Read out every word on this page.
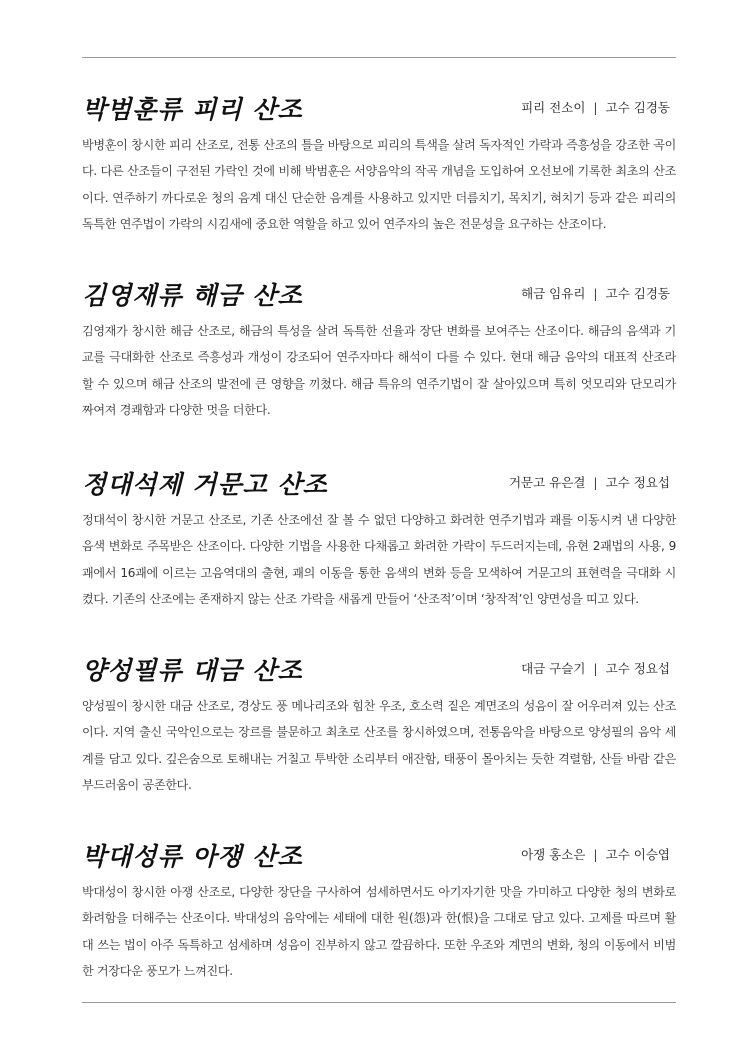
박범훈류 피리 산조	피리 전소이 | 고수 김경동

박병훈이 창시한 피리 산조로, 전통 산조의 틀을 바탕으로 피리의 특색을 살려 독자적인 가락과 즉흥성을 강조한 곡이다. 다른 산조들이 구전된 가락인 것에 비해 박범훈은 서양음악의 작곡 개념을 도입하여 오선보에 기록한 최초의 산조이다. 연주하기 까다로운 청의 음계 대신 단순한 음계를 사용하고 있지만 더름치기, 목치기, 혀치기 등과 같은 피리의 독특한 연주법이 가락의 시김새에 중요한 역할을 하고 있어 연주자의 높은 전문성을 요구하는 산조이다.

김영재류 해금 산조	해금 임유리 | 고수 김경동

김영재가 창시한 해금 산조로, 해금의 특성을 살려 독특한 선율과 장단 변화를 보여주는 산조이다. 해금의 음색과 기교를 극대화한 산조로 즉흥성과 개성이 강조되어 연주자마다 해석이 다를 수 있다. 현대 해금 음악의 대표적 산조라 할 수 있으며 해금 산조의 발전에 큰 영향을 끼쳤다. 해금 특유의 연주기법이 잘 살아있으며 특히 엇모리와 단모리가 짜여져 경쾌함과 다양한 멋을 더한다.

정대석제 거문고 산조	거문고 유은결 | 고수 정요섭

정대석이 창시한 거문고 산조로, 기존 산조에선 잘 볼 수 없던 다양하고 화려한 연주기법과 괘를 이동시켜 낸 다양한 음색 변화로 주목받은 산조이다. 다양한 기법을 사용한 다채롭고 화려한 가락이 두드러지는데, 유현 2괘법의 사용, 9괘에서 16괘에 이르는 고음역대의 출현, 괘의 이동을 통한 음색의 변화 등을 모색하여 거문고의 표현력을 극대화 시켰다. 기존의 산조에는 존재하지 않는 산조 가락을 새롭게 만들어 ‘산조적’이며 ‘창작적’인 양면성을 띠고 있다.

양성필류 대금 산조	대금 구슬기 | 고수 정요섭

양성필이 창시한 대금 산조로, 경상도 풍 메나리조와 힘찬 우조, 호소력 짙은 계면조의 성음이 잘 어우러져 있는 산조이다. 지역 출신 국악인으로는 장르를 불문하고 최초로 산조를 창시하였으며, 전통음악을 바탕으로 양성필의 음악 세계를 담고 있다. 깊은숨으로 토해내는 거칠고 투박한 소리부터 애잔함, 태풍이 몰아치는 듯한 격렬함, 산들 바람 같은 부드러움이 공존한다.

박대성류 아쟁 산조	아쟁 홍소은 | 고수 이승엽

박대성이 창시한 아쟁 산조로, 다양한 장단을 구사하여 섬세하면서도 아기자기한 맛을 가미하고 다양한 청의 변화로 화려함을 더해주는 산조이다. 박대성의 음악에는 세태에 대한 원(怨)과 한(恨)을 그대로 담고 있다. 고제를 따르며 활대 쓰는 법이 아주 독특하고 섬세하며 성음이 진부하지 않고 깔끔하다. 또한 우조와 계면의 변화, 청의 이동에서 비범한 거장다운 풍모가 느껴진다.
